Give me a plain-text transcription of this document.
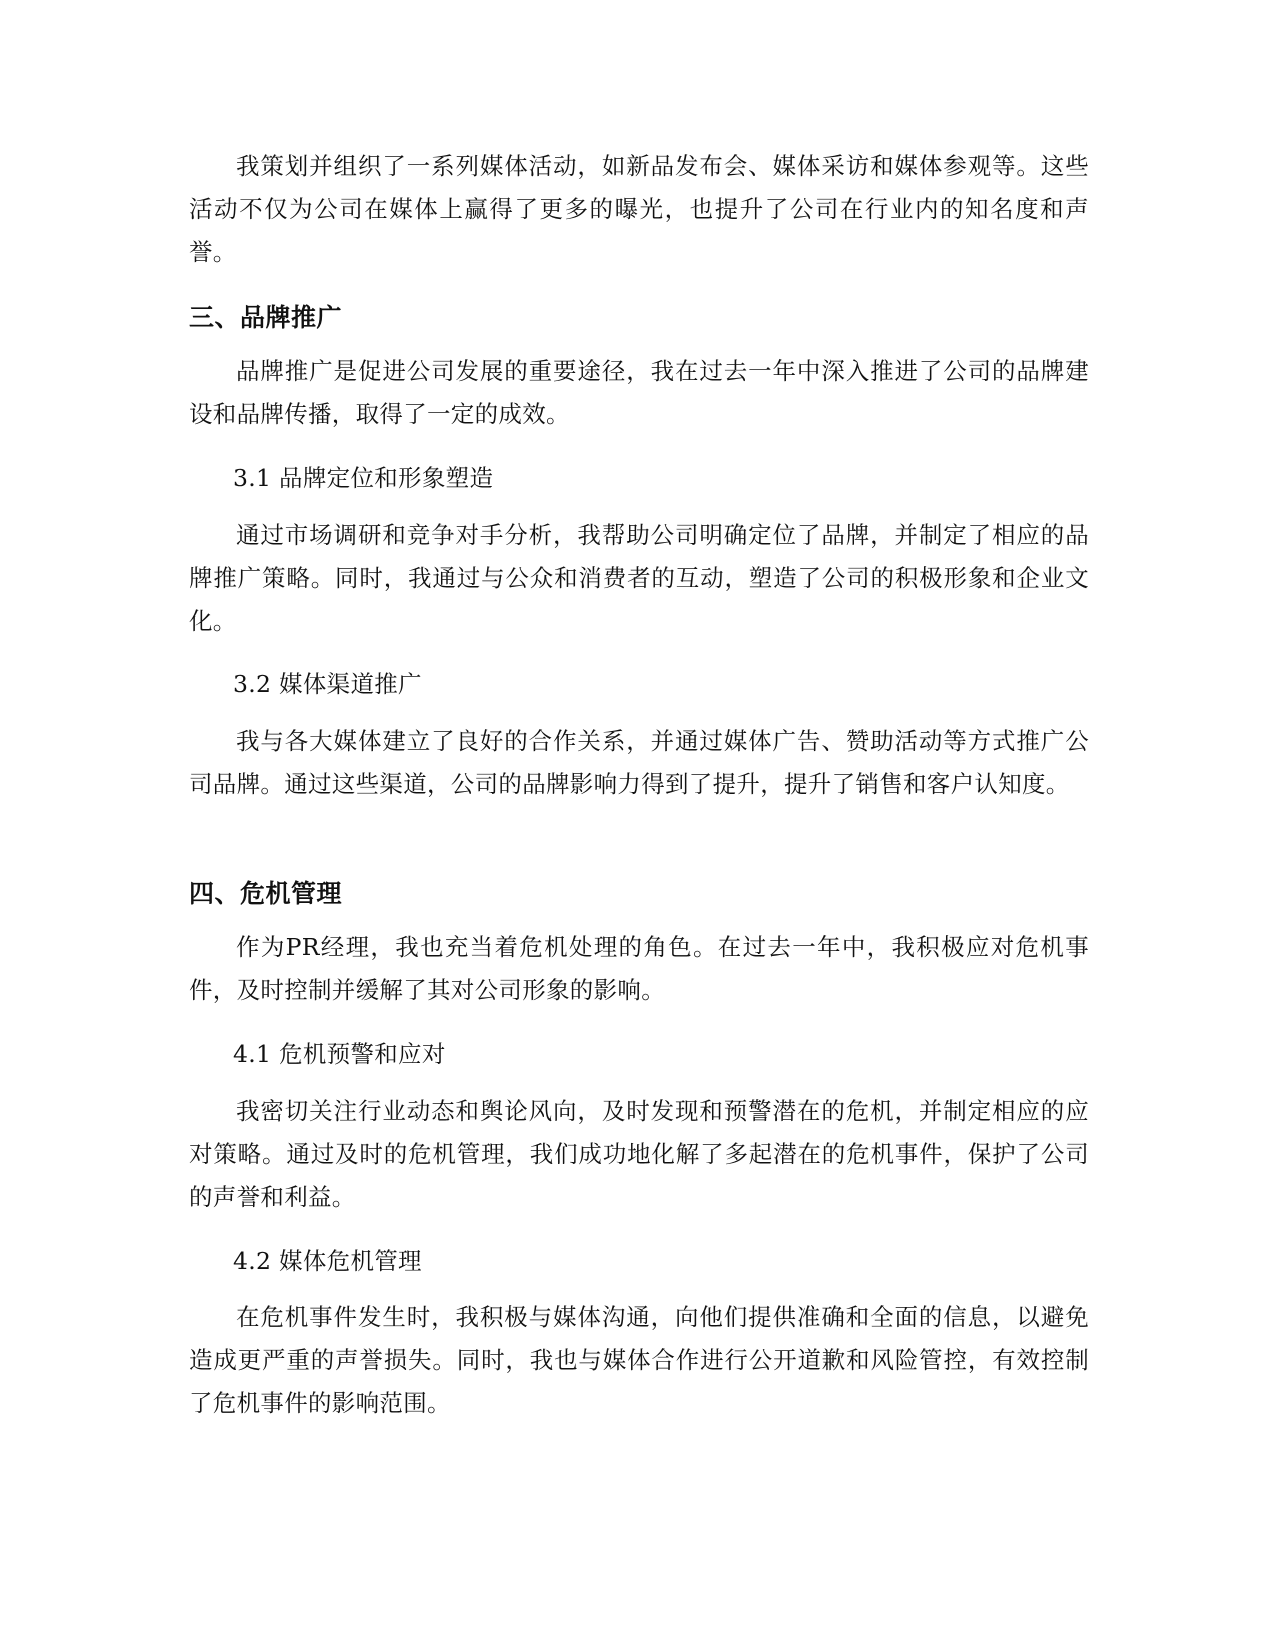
我策划并组织了一系列媒体活动，如新品发布会、媒体采访和媒体参观等。这些活动不仅为公司在媒体上赢得了更多的曝光，也提升了公司在行业内的知名度和声誉。

三、品牌推广

品牌推广是促进公司发展的重要途径，我在过去一年中深入推进了公司的品牌建设和品牌传播，取得了一定的成效。

3.1 品牌定位和形象塑造

通过市场调研和竞争对手分析，我帮助公司明确定位了品牌，并制定了相应的品牌推广策略。同时，我通过与公众和消费者的互动，塑造了公司的积极形象和企业文化。

3.2 媒体渠道推广

我与各大媒体建立了良好的合作关系，并通过媒体广告、赞助活动等方式推广公司品牌。通过这些渠道，公司的品牌影响力得到了提升，提升了销售和客户认知度。

四、危机管理

作为PR经理，我也充当着危机处理的角色。在过去一年中，我积极应对危机事件，及时控制并缓解了其对公司形象的影响。

4.1 危机预警和应对

我密切关注行业动态和舆论风向，及时发现和预警潜在的危机，并制定相应的应对策略。通过及时的危机管理，我们成功地化解了多起潜在的危机事件，保护了公司的声誉和利益。

4.2 媒体危机管理

在危机事件发生时，我积极与媒体沟通，向他们提供准确和全面的信息，以避免造成更严重的声誉损失。同时，我也与媒体合作进行公开道歉和风险管控，有效控制了危机事件的影响范围。
